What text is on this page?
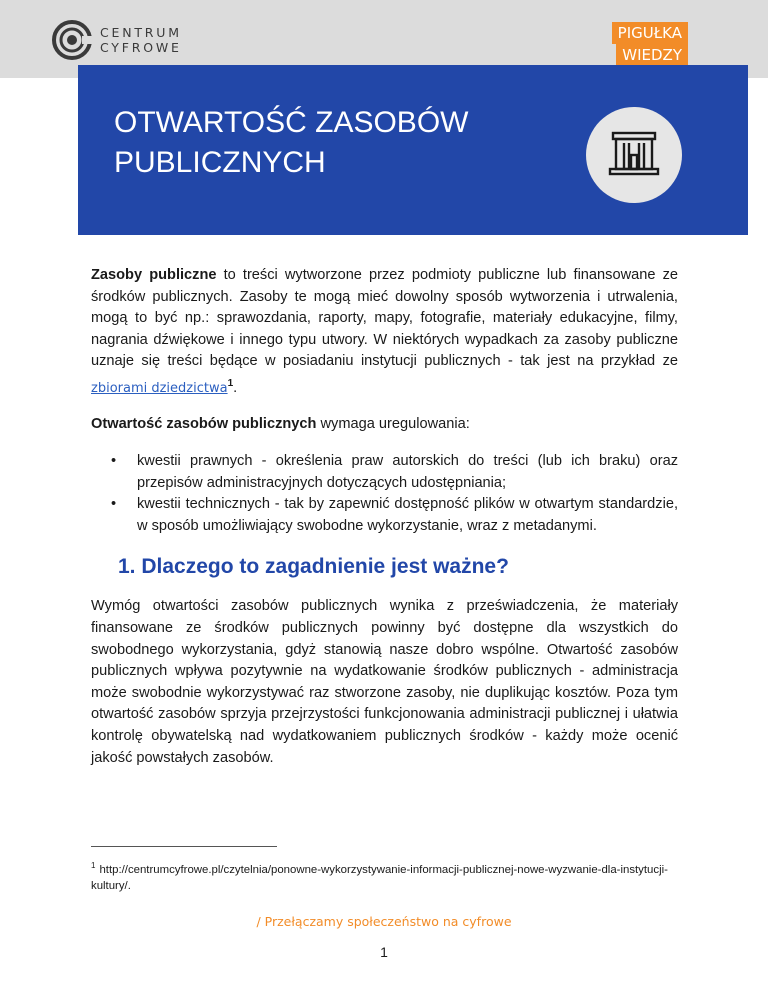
CENTRUM
CYFROWE
PIGUŁKA
WIEDZY
OTWARTOŚĆ ZASOBÓW
PUBLICZNYCH

Zasoby publiczne to treści wytworzone przez podmioty publiczne lub finansowane ze środków publicznych. Zasoby te mogą mieć dowolny sposób wytworzenia i utrwalenia, mogą to być np.: sprawozdania, raporty, mapy, fotografie, materiały edukacyjne, filmy, nagrania dźwiękowe i innego typu utwory. W niektórych wypadkach za zasoby publiczne uznaje się treści będące w posiadaniu instytucji publicznych - tak jest na przykład ze zbiorami dziedzictwa$^1$.

Otwartość zasobów publicznych wymaga uregulowania:

• kwestii prawnych - określenia praw autorskich do treści (lub ich braku) oraz przepisów administracyjnych dotyczących udostępniania;
• kwestii technicznych - tak by zapewnić dostępność plików w otwartym standardzie, w sposób umożliwiający swobodne wykorzystanie, wraz z metadanymi.
1. Dlaczego to zagadnienie jest ważne?

Wymóg otwartości zasobów publicznych wynika z przeświadczenia, że materiały finansowane ze środków publicznych powinny być dostępne dla wszystkich do swobodnego wykorzystania, gdyż stanowią nasze dobro wspólne. Otwartość zasobów publicznych wpływa pozytywnie na wydatkowanie środków publicznych - administracja może swobodnie wykorzystywać raz stworzone zasoby, nie duplikując kosztów. Poza tym otwartość zasobów sprzyja przejrzystości funkcjonowania administracji publicznej i ułatwia kontrolę obywatelską nad wydatkowaniem publicznych środków - każdy może ocenić jakość powstałych zasobów.

$^1$ http://centrumcyfrowe.pl/czytelnia/ponowne-wykorzystywanie-informacji-publicznej-nowe-wyzwanie-dla-instytucji-kultury/.
/ Przełączamy społeczeństwo na cyfrowe
1
